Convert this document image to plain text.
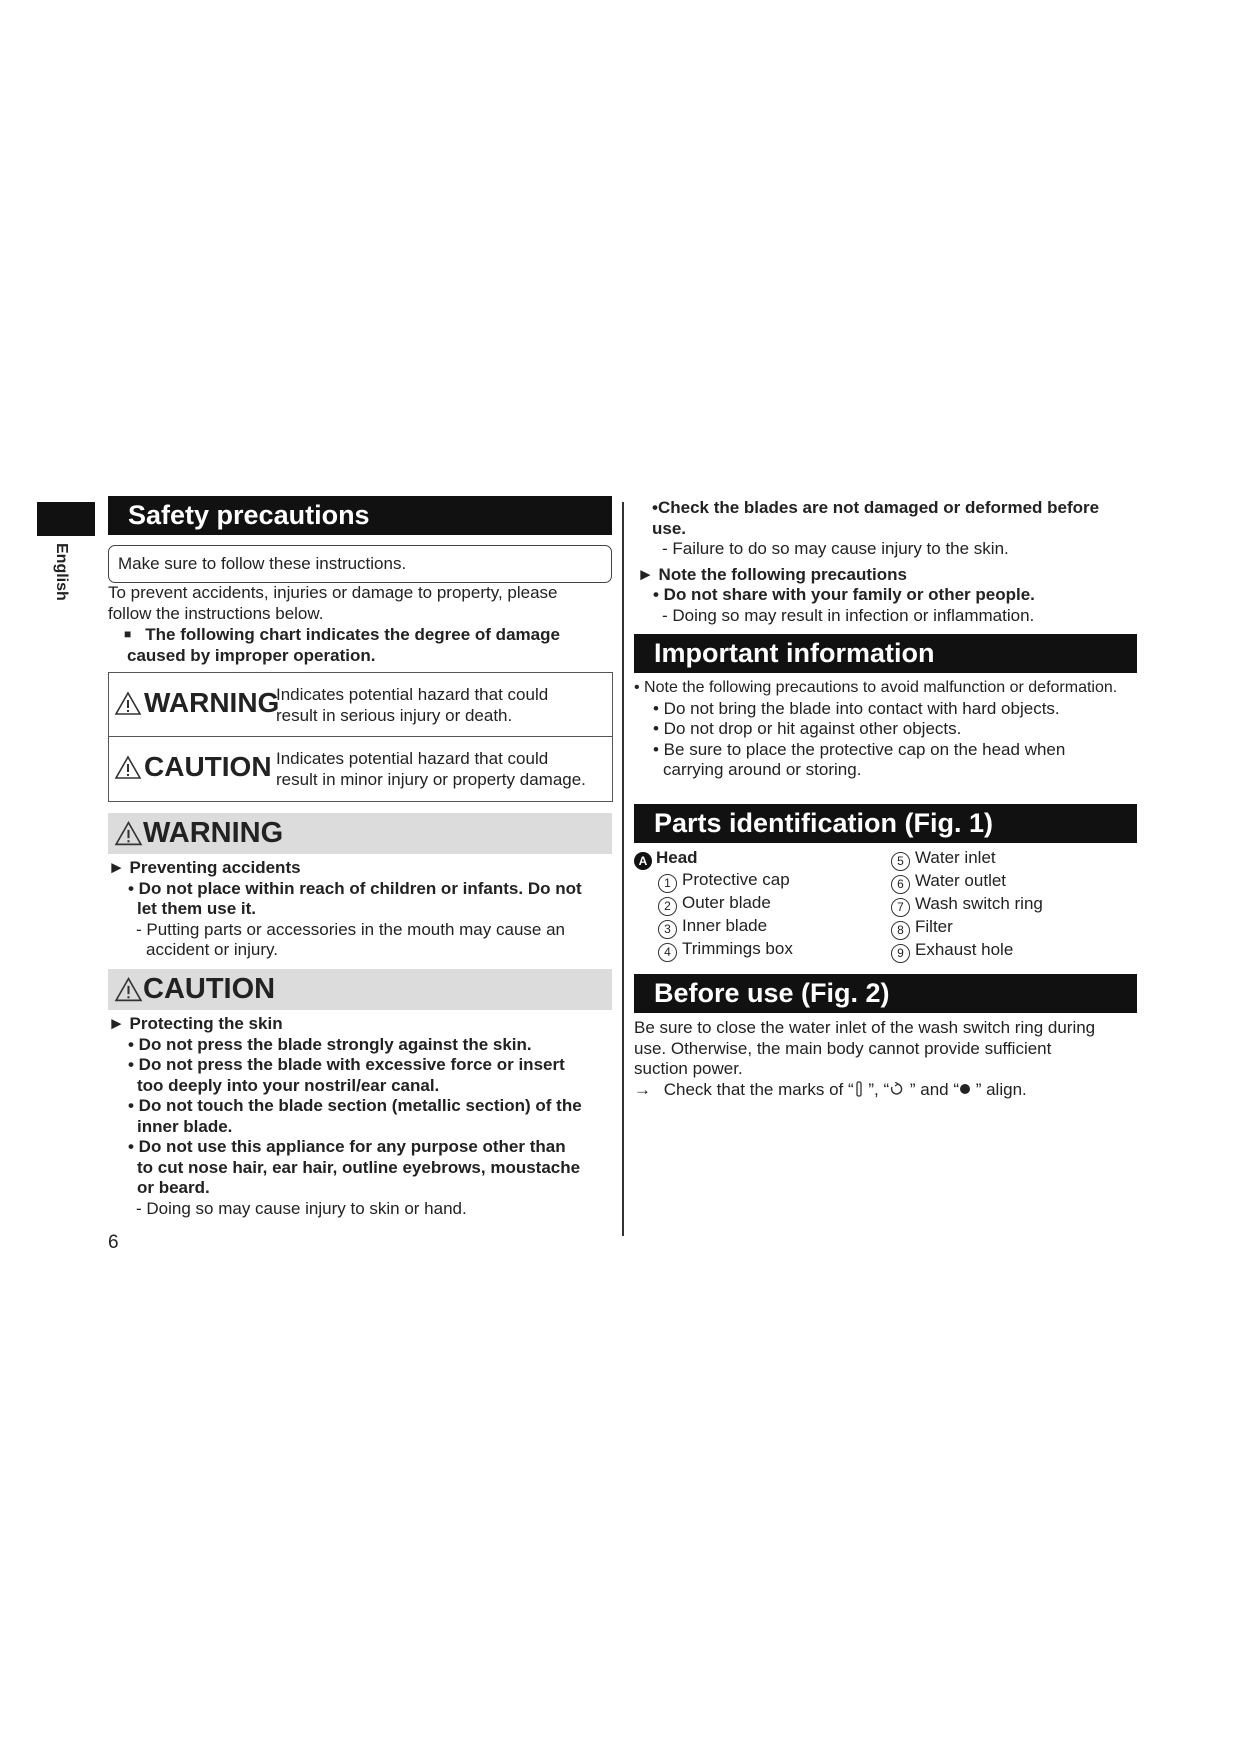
English
Safety precautions
Make sure to follow these instructions.
To prevent accidents, injuries or damage to property, please
follow the instructions below.
■ The following chart indicates the degree of damage
caused by improper operation.
WARNING
Indicates potential hazard that could
result in serious injury or death.
CAUTION Indicates potential hazard that could
result in minor injury or property damage.
WARNING
► Preventing accidents
• Do not place within reach of children or infants. Do not
let them use it.
- Putting parts or accessories in the mouth may cause an
accident or injury.
CAUTION
► Protecting the skin
• Do not press the blade strongly against the skin.
• Do not press the blade with excessive force or insert
too deeply into your nostril/ear canal.
• Do not touch the blade section (metallic section) of the
inner blade.
• Do not use this appliance for any purpose other than
to cut nose hair, ear hair, outline eyebrows, moustache
or beard.
- Doing so may cause injury to skin or hand.
6
•Check the blades are not damaged or deformed before use.
- Failure to do so may cause injury to the skin.
► Note the following precautions
• Do not share with your family or other people.
- Doing so may result in infection or inflammation.
Important information
• Note the following precautions to avoid malfunction or deformation.
• Do not bring the blade into contact with hard objects.
• Do not drop or hit against other objects.
• Be sure to place the protective cap on the head when
carrying around or storing.
Parts identification (Fig. 1)
A Head
1 Protective cap
2 Outer blade
3 Inner blade
4 Trimmings box
5 Water inlet
6 Water outlet
7 Wash switch ring
8 Filter
9 Exhaust hole
Before use (Fig. 2)
Be sure to close the water inlet of the wash switch ring during
use. Otherwise, the main body cannot provide sufficient
suction power.
→ Check that the marks of “ ”, “ ” and “ ” align.
